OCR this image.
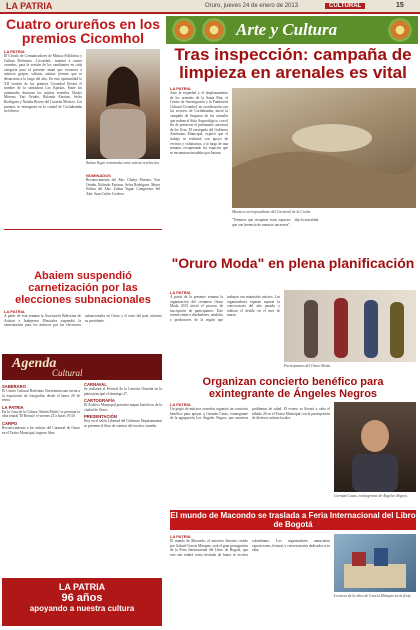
LA PATRIA	Oruro, jueves 24 de enero de 2013	CULTURAL	15
Cuatro orureños en los premios Cicomhol
LA PATRIA
El Círculo de Comunicadores de Música Folklórica y Cultura Boliviana –Cicomhol– nominó a cuatro orureños, para la versión de los cambiantes en cada categoría para el presente anual que reconoce a músicos grupos, solistas, artistas jóvenes que se destacaron a lo largo del año. En esta oportunidad la XII versión de los premios Cicomhol llevará el nombre de la cantautora Los Kjarkas. Entre los nominados destacan los artistas orureños Gladys Moreno, Yuri Ortuño, Rolando Encinas, Selva Rodríguez y Natalia Rivero del Corazón Mestizo. Los premios se entregarán en la ciudad de Cochabamba en febrero.
Zulma Yugar nominada como artista revelación.
NOMINADOS
Reconocimiento del Año: Gladys Moreno, Yuri Ortuño, Rolando Encinas, Selva Rodríguez. Mejor Solista del Año: Zulma Yugar. Compositor del Año: Juan Carlos Cordero.
Abaiem suspendió carnetización por las elecciones subnacionales
LA PATRIA
A partir de esta semana la Asociación Boliviana de Artistas e Intérpretes Musicales suspendió la carnetización para los músicos por las elecciones subnacionales en Oruro y el resto del país, informó su presidente.
Agenda
Cultural
SABERARO
El Centro Cultural Boliviano Norteamericano invita a la exposición de fotografías desde el lunes 28 de enero.
LA PATRIA
En la Casa de la Cultura 'Simón Patiño' se presenta la obra teatral 'El Retrato' el viernes 25 a horas 19:30.
CARPO
Reconocimiento a los artistas del Carnaval de Oruro en el Teatro Municipal, ingreso libre.
CARNAVAL
Se realizará el Festival de la Canción Orureña en la plaza principal el domingo 27.
CARTOGRAFÍA
El Archivo Municipal presenta mapas históricos de la ciudad de Oruro.
PRESENTACIÓN
Hoy en el salón Libertad del Gobierno Departamental se presenta el libro de cuentos del escritor orureño.
LA PATRIA
96 años
apoyando a nuestra cultura
Arte y Cultura
Tras inspección: campaña de limpieza en arenales es vital
LA PATRIA
Ante la sequedad y el desplazamiento de los arenales de la Santa Rita, el Centro de Investigación y la Fundación Cultural Cicomhol, en coordinación con los sectores de Cochabamba, inició la campaña de limpieza de los arenales que rodean el Sitio Arqueológico, con el fin de preservar el patrimonio ancestral de los Urus. El encargado del Gobierno Autónomo Municipal, explicó que el trabajo se realizará con apoyo de vecinos y voluntarios, a lo largo de una semana, recuperando los espacios que se encuentran invadidos por basura.
Muestra correspondiente del Carnaval de la Cocha.
"Tenemos que recuperar estos espacios que son herencia de nuestros ancestros", dijo la autoridad.
"Oruro Moda" en plena planificación
LA PATRIA
A partir de la presente semana la organización del certamen Oruro Moda 2013 inició el proceso de inscripción de participantes. Este evento reúne a diseñadores, modelos y productores de la región que trabajan con materiales nativos. Los organizadores esperan superar la convocatoria del año pasado y realizar el desfile en el mes de marzo.
Participantes del Oruro Moda.
Organizan concierto benéfico para exintegrante de Ángeles Negros
LA PATRIA
Un grupo de músicos orureños organizó un concierto benéfico para apoyar a Germán Casas, exintegrante de la agrupación Los Ángeles Negros, que atraviesa problemas de salud. El evento se llevará a cabo el sábado 26 en el Teatro Municipal con la participación de diversos artistas locales.
Germán Casas, exintegrante de Ángeles Negros.
El mundo de Macondo se traslada a Feria Internacional del Libro de Bogotá
LA PATRIA
El mundo de Macondo, el universo literario creado por Gabriel García Márquez, será el gran protagonista de la Feria Internacional del Libro de Bogotá, que este año tendrá como invitado de honor al escritor colombiano. Los organizadores anunciaron exposiciones, lecturas y conversatorios dedicados a su obra.
Lectores de la obra de García Márquez en la feria.
